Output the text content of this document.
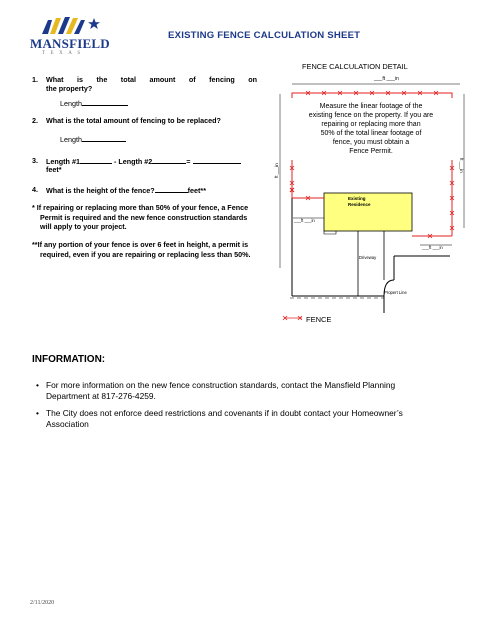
MANSFIELD
TEXAS
EXISTING FENCE CALCULATION SHEET
1. What is the total amount of fencing on
the property?
Length
2. What is the total amount of fencing to be replaced?
Length
3. Length #1	- Length #2	=
feet*
4. What is the height of the fence?	feet**
* If repairing or replacing more than 50% of your fence, a Fence
Permit is required and the new fence construction standards
will apply to your project.
**If any portion of your fence is over 6 feet in height, a permit is
required, even if you are repairing or replacing less than 50%.
FENCE CALCULATION DETAIL
___ft ___in
ft ___in	ft ___in
___ft ___in
___ft ___in
Propert Line
Driveway
Existing
Residence
Measure the linear footage of the
existing fence on the property. If you are
repairing or replacing more than
50% of the total linear footage of
fence, you must obtain a
Fence Permit.
FENCE
INFORMATION:
• For more information on the new fence construction standards, contact the Mansfield Planning
Department at 817-276-4259.
• The City does not enforce deed restrictions and covenants if in doubt contact your Homeowner’s
Association
2/11/2020
